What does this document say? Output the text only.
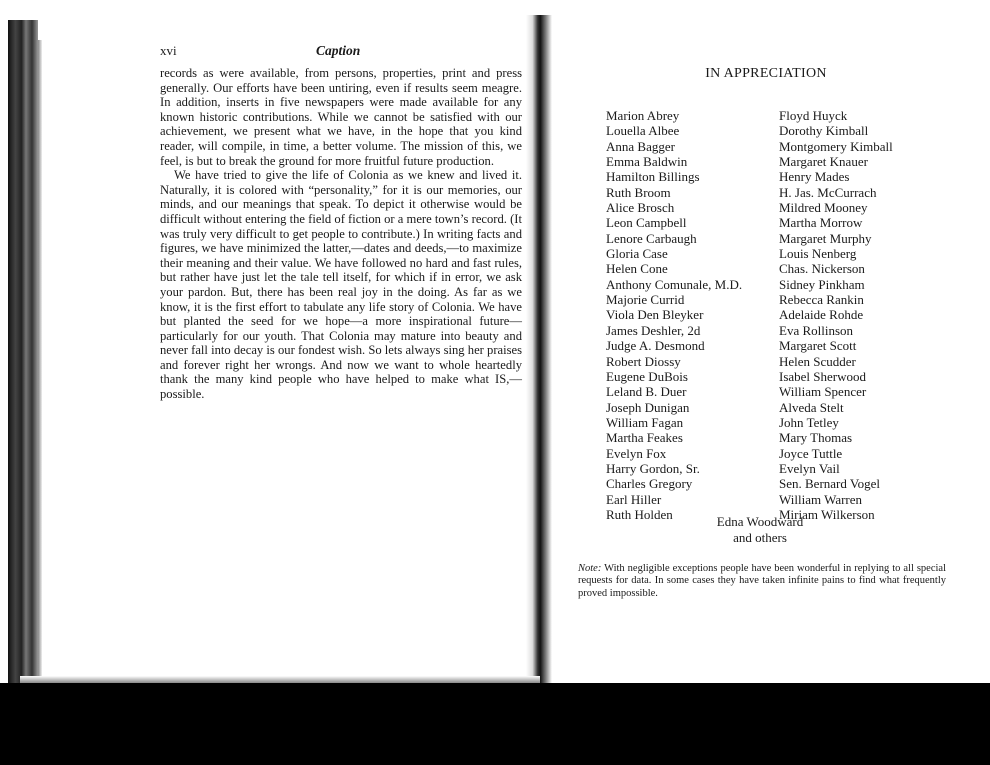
xvi	Caption

records as were available, from persons, properties, print and press generally. Our efforts have been untiring, even if results seem meagre. In addition, inserts in five newspapers were made available for any known historic contributions. While we cannot be satisfied with our achievement, we present what we have, in the hope that you kind reader, will compile, in time, a better volume. The mission of this, we feel, is but to break the ground for more fruitful future production.

We have tried to give the life of Colonia as we knew and lived it. Naturally, it is colored with “personality,” for it is our memories, our minds, and our meanings that speak. To depict it otherwise would be difficult without entering the field of fiction or a mere town’s record. (It was truly very difficult to get people to contribute.) In writing facts and figures, we have minimized the latter,—dates and deeds,—to maximize their meaning and their value. We have followed no hard and fast rules, but rather have just let the tale tell itself, for which if in error, we ask your pardon. But, there has been real joy in the doing. As far as we know, it is the first effort to tabulate any life story of Colonia. We have but planted the seed for we hope—a more inspirational future—particularly for our youth. That Colonia may mature into beauty and never fall into decay is our fondest wish. So lets always sing her praises and forever right her wrongs. And now we want to whole heartedly thank the many kind people who have helped to make what IS,—possible.

IN APPRECIATION
Marion Abrey
Louella Albee
Anna Bagger
Emma Baldwin
Hamilton Billings
Ruth Broom
Alice Brosch
Leon Campbell
Lenore Carbaugh
Gloria Case
Helen Cone
Anthony Comunale, M.D.
Majorie Currid
Viola Den Bleyker
James Deshler, 2d
Judge A. Desmond
Robert Diossy
Eugene DuBois
Leland B. Duer
Joseph Dunigan
William Fagan
Martha Feakes
Evelyn Fox
Harry Gordon, Sr.
Charles Gregory
Earl Hiller
Ruth Holden
Floyd Huyck
Dorothy Kimball
Montgomery Kimball
Margaret Knauer
Henry Mades
H. Jas. McCurrach
Mildred Mooney
Martha Morrow
Margaret Murphy
Louis Nenberg
Chas. Nickerson
Sidney Pinkham
Rebecca Rankin
Adelaide Rohde
Eva Rollinson
Margaret Scott
Helen Scudder
Isabel Sherwood
William Spencer
Alveda Stelt
John Tetley
Mary Thomas
Joyce Tuttle
Evelyn Vail
Sen. Bernard Vogel
William Warren
Miriam Wilkerson

Edna Woodward

and others

Note: With negligible exceptions people have been wonderful in replying to all special requests for data. In some cases they have taken infinite pains to find what frequently proved impossible.
